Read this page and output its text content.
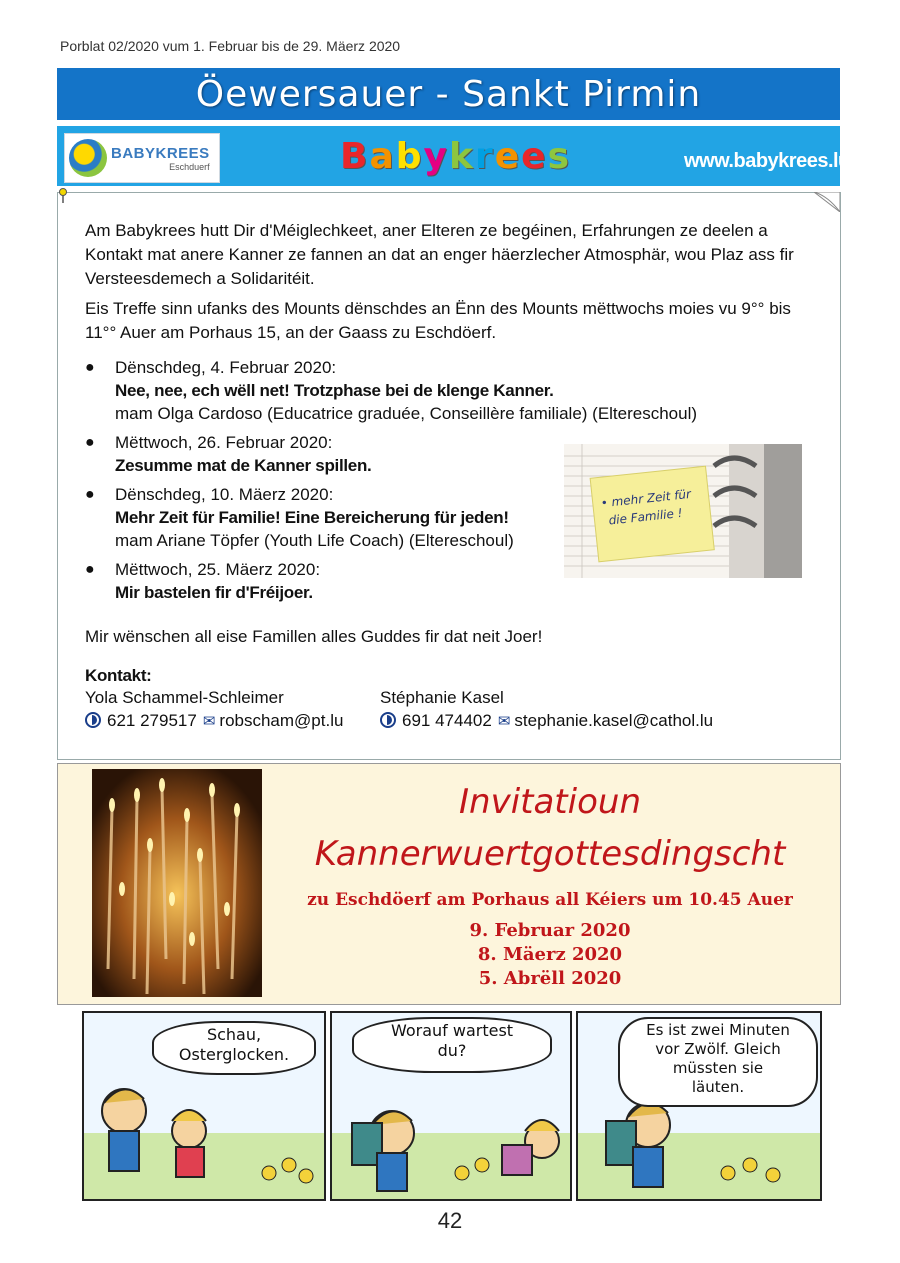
Porblat 02/2020 vum 1. Februar bis de 29. Mäerz 2020
Öewersauer - Sankt Pirmin
BABYKREES
Eschduerf	Babykrees	www.babykrees.lu

Am Babykrees hutt Dir d'Méiglechkeet, aner Elteren ze begéinen, Erfahrungen ze deelen a Kontakt mat anere Kanner ze fannen an dat an enger häerzlecher Atmosphär, wou Plaz ass fir Versteesdemech a Solidaritéit.

Eis Treffe sinn ufanks des Mounts dënschdes an Ënn des Mounts mëttwochs moies vu 9°° bis 11°° Auer am Porhaus 15, an der Gaass zu Eschdöerf.

● Dënschdeg, 4. Februar 2020:
Nee, nee, ech wëll net! Trotzphase bei de klenge Kanner.
mam Olga Cardoso (Educatrice graduée, Conseillère familiale) (Eltereschoul)
● Mëttwoch, 26. Februar 2020:
Zesumme mat de Kanner spillen.
● Dënschdeg, 10. Mäerz 2020:
Mehr Zeit für Familie! Eine Bereicherung für jeden!
mam Ariane Töpfer (Youth Life Coach) (Eltereschoul)
● Mëttwoch, 25. Mäerz 2020:
Mir bastelen fir d'Fréijoer.
• mehr Zeit für
die Familie !
Mir wënschen all eise Famillen alles Guddes fir dat neit Joer!
Kontakt:
Yola Schammel-Schleimer
621 279517 ✉ robscham@pt.lu
Stéphanie Kasel
691 474402 ✉ stephanie.kasel@cathol.lu
Invitatioun
Kannerwuertgottesdingscht
zu Eschdöerf am Porhaus all Kéiers um 10.45 Auer
9. Februar 2020
8. Mäerz 2020
5. Abrëll 2020
Schau,
Osterglocken.
Worauf wartest
du?
Es ist zwei Minuten
vor Zwölf. Gleich
müssten sie
läuten.
42
